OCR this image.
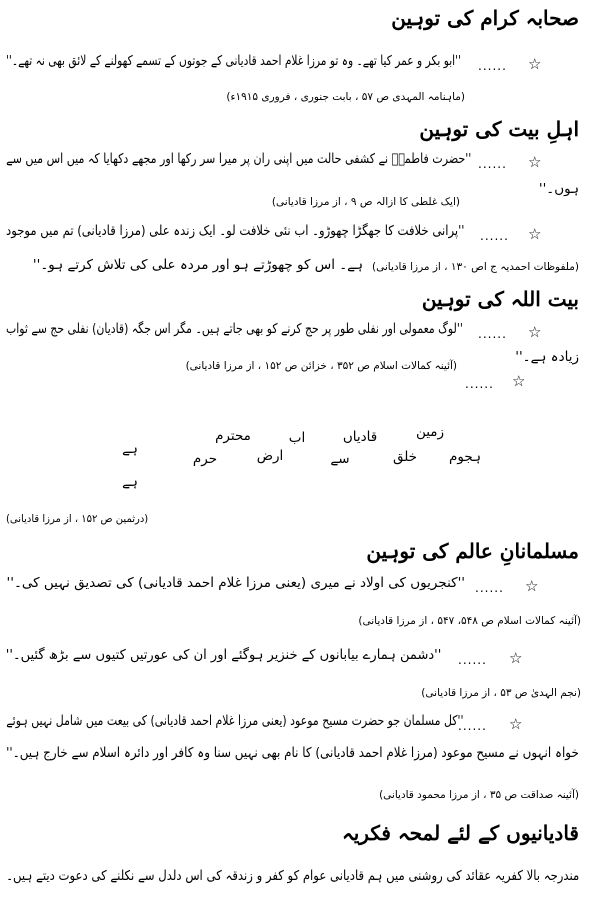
صحابہ کرام کی توہین
☆
......
''ابو بکر و عمر کیا تھے۔ وہ تو مرزا غلام احمد قادیانی کے جوتوں کے تسمے کھولنے کے لائق بھی نہ تھے۔''
(ماہنامہ المہدی ص ۵۷ ، بابت جنوری ، فروری ۱۹۱۵ء)
اہلِ بیت کی توہین
☆
......
''حضرت فاطمہؓ نے کشفی حالت میں اپنی ران پر میرا سر رکھا اور مجھے دکھایا کہ میں اس میں سے
ہوں۔''
(ایک غلطی کا ازالہ ص ۹ ، از مرزا قادیانی)
☆
......
''پرانی خلافت کا جھگڑا چھوڑو۔ اب نئی خلافت لو۔ ایک زندہ علی (مرزا قادیانی) تم میں موجود
ہے۔ اس کو چھوڑتے ہو اور مردہ علی کی تلاش کرتے ہو۔'' (ملفوظات احمدیہ ج اص ۱۳۰ ، از مرزا قادیانی)
بیت اللہ کی توہین
☆
......
''لوگ معمولی اور نفلی طور پر حج کرنے کو بھی جاتے ہیں۔ مگر اس جگہ (قادیان) نفلی حج سے ثواب
زیادہ ہے۔''
(آئینہ کمالات اسلام ص ۳۵۲ ، خزائن ص ۱۵۲ ، از مرزا قادیانی)
☆
......
زمین
قادیاں
اب
محترم
ہے	ہجوم
خلق
سے
ارض
حرم
ہے
(درثمین ص ۱۵۲ ، از مرزا قادیانی)
مسلمانانِ عالم کی توہین
☆
......
''کنجریوں کی اولاد نے میری (یعنی مرزا غلام احمد قادیانی) کی تصدیق نہیں کی۔''
(آئینہ کمالات اسلام ص ۵۴۸، ۵۴۷ ، از مرزا قادیانی)
☆
......
''دشمن ہمارے بیابانوں کے خنزیر ہوگئے اور ان کی عورتیں کتیوں سے بڑھ گئیں۔''
(نجم الہدیٰ ص ۵۳ ، از مرزا قادیانی)
☆
......
''کل مسلمان جو حضرت مسیح موعود (یعنی مرزا غلام احمد قادیانی) کی بیعت میں شامل نہیں ہوئے
خواہ انہوں نے مسیح موعود (مرزا غلام احمد قادیانی) کا نام بھی نہیں سنا وہ کافر اور دائرہ اسلام سے خارج ہیں۔''
(آئینہ صداقت ص ۳۵ ، از مرزا محمود قادیانی)
قادیانیوں کے لئے لمحہ فکریہ
مندرجہ بالا کفریہ عقائد کی روشنی میں ہم قادیانی عوام کو کفر و زندقہ کی اس دلدل سے نکلنے کی دعوت دیتے ہیں۔
